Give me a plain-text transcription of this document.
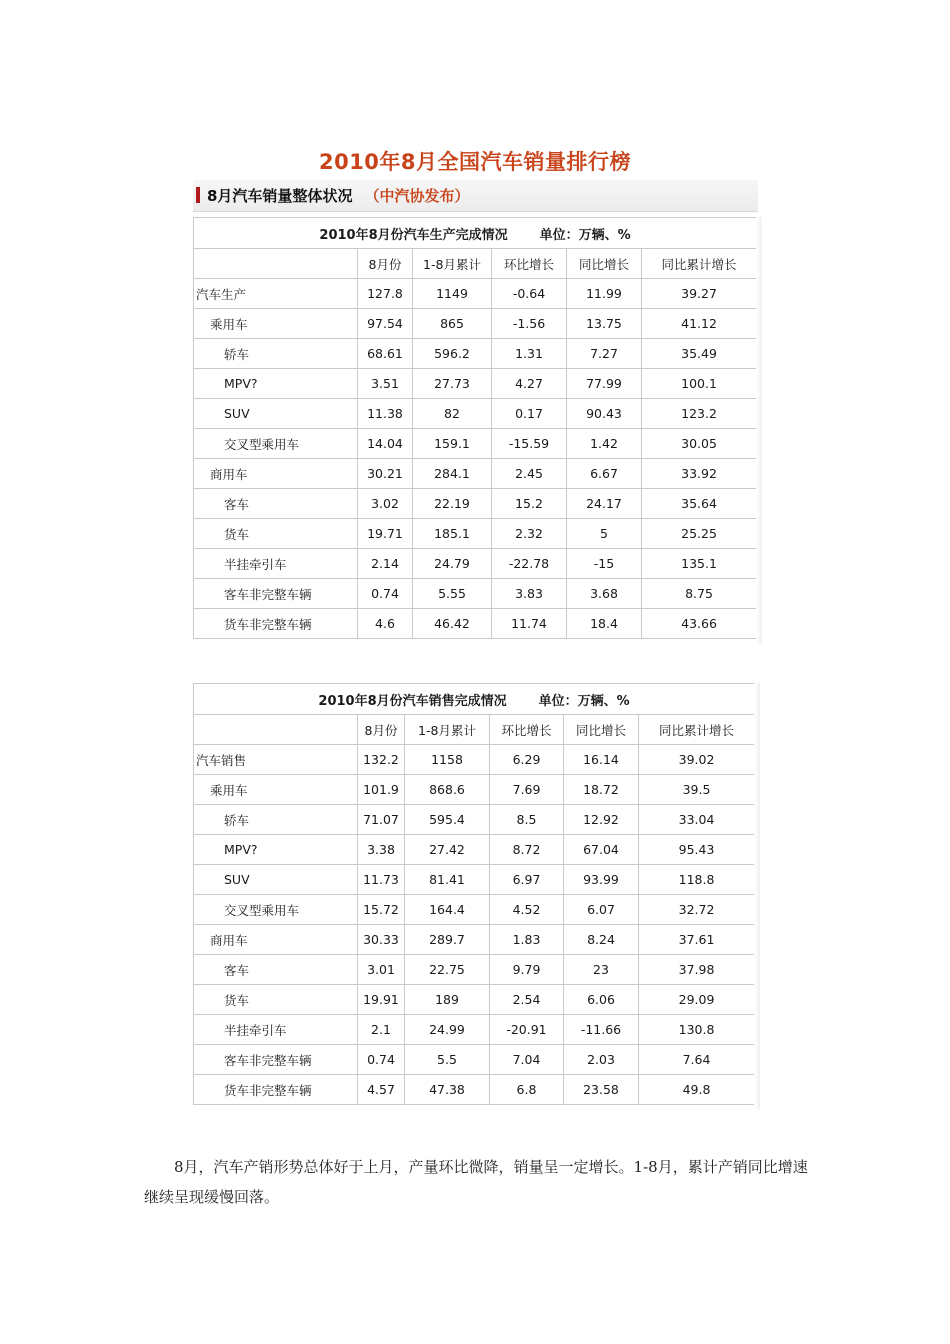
2010年8月全国汽车销量排行榜
8月汽车销量整体状况 （中汽协发布）
2010年8月份汽车生产完成情况 单位：万辆、%					
	8月份	1-8月累计	环比增长	同比增长	同比累计增长
汽车生产	127.8	1149	-0.64	11.99	39.27
乘用车	97.54	865	-1.56	13.75	41.12
轿车	68.61	596.2	1.31	7.27	35.49
MPV?	3.51	27.73	4.27	77.99	100.1
SUV	11.38	82	0.17	90.43	123.2
交叉型乘用车	14.04	159.1	-15.59	1.42	30.05
商用车	30.21	284.1	2.45	6.67	33.92
客车	3.02	22.19	15.2	24.17	35.64
货车	19.71	185.1	2.32	5	25.25
半挂牵引车	2.14	24.79	-22.78	-15	135.1
客车非完整车辆	0.74	5.55	3.83	3.68	8.75
货车非完整车辆	4.6	46.42	11.74	18.4	43.66
2010年8月份汽车销售完成情况 单位：万辆、%					
	8月份	1-8月累计	环比增长	同比增长	同比累计增长
汽车销售	132.2	1158	6.29	16.14	39.02
乘用车	101.9	868.6	7.69	18.72	39.5
轿车	71.07	595.4	8.5	12.92	33.04
MPV?	3.38	27.42	8.72	67.04	95.43
SUV	11.73	81.41	6.97	93.99	118.8
交叉型乘用车	15.72	164.4	4.52	6.07	32.72
商用车	30.33	289.7	1.83	8.24	37.61
客车	3.01	22.75	9.79	23	37.98
货车	19.91	189	2.54	6.06	29.09
半挂牵引车	2.1	24.99	-20.91	-11.66	130.8
客车非完整车辆	0.74	5.5	7.04	2.03	7.64
货车非完整车辆	4.57	47.38	6.8	23.58	49.8
8月，汽车产销形势总体好于上月，产量环比微降，销量呈一定增长。1-8月，累计产销同比增速继续呈现缓慢回落。
